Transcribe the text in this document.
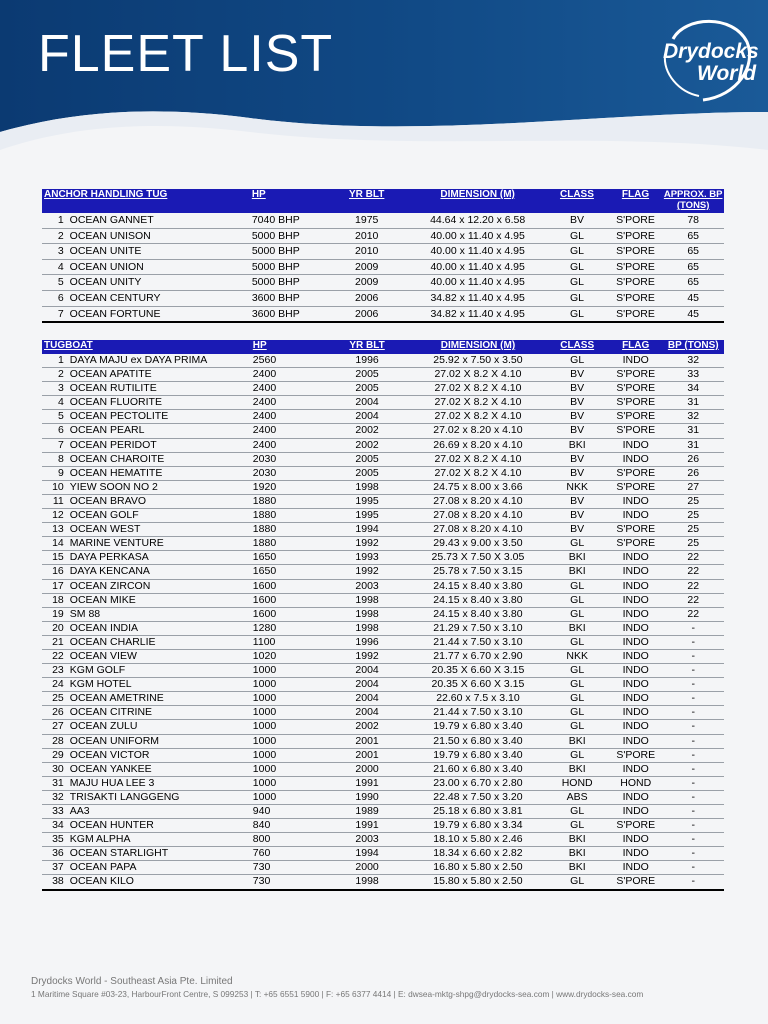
FLEET LIST	Drydocks
World
ANCHOR HANDLING TUG		HP	YR BLT	DIMENSION (M)	CLASS	FLAG	APPROX. BP (TONS)
1	OCEAN GANNET	7040 BHP	1975	44.64 x 12.20 x 6.58	BV	S'PORE	78
2	OCEAN UNISON	5000 BHP	2010	40.00 x 11.40 x 4.95	GL	S'PORE	65
3	OCEAN UNITE	5000 BHP	2010	40.00 x 11.40 x 4.95	GL	S'PORE	65
4	OCEAN UNION	5000 BHP	2009	40.00 x 11.40 x 4.95	GL	S'PORE	65
5	OCEAN UNITY	5000 BHP	2009	40.00 x 11.40 x 4.95	GL	S'PORE	65
6	OCEAN CENTURY	3600 BHP	2006	34.82 x 11.40 x 4.95	GL	S'PORE	45
7	OCEAN FORTUNE	3600 BHP	2006	34.82 x 11.40 x 4.95	GL	S'PORE	45
TUGBOAT		HP	YR BLT	DIMENSION (M)	CLASS	FLAG	BP (TONS)
1	DAYA MAJU ex DAYA PRIMA	2560	1996	25.92 x 7.50 x 3.50	GL	INDO	32
2	OCEAN APATITE	2400	2005	27.02 X 8.2 X 4.10	BV	S'PORE	33
3	OCEAN RUTILITE	2400	2005	27.02 X 8.2 X 4.10	BV	S'PORE	34
4	OCEAN FLUORITE	2400	2004	27.02 X 8.2 X 4.10	BV	S'PORE	31
5	OCEAN PECTOLITE	2400	2004	27.02 X 8.2 X 4.10	BV	S'PORE	32
6	OCEAN PEARL	2400	2002	27.02 x 8.20 x 4.10	BV	S'PORE	31
7	OCEAN PERIDOT	2400	2002	26.69 x 8.20 x 4.10	BKI	INDO	31
8	OCEAN CHAROITE	2030	2005	27.02 X 8.2 X 4.10	BV	INDO	26
9	OCEAN HEMATITE	2030	2005	27.02 X 8.2 X 4.10	BV	S'PORE	26
10	YIEW SOON NO 2	1920	1998	24.75 x 8.00 x 3.66	NKK	S'PORE	27
11	OCEAN BRAVO	1880	1995	27.08 x 8.20 x 4.10	BV	INDO	25
12	OCEAN GOLF	1880	1995	27.08 x 8.20 x 4.10	BV	INDO	25
13	OCEAN WEST	1880	1994	27.08 x 8.20 x 4.10	BV	S'PORE	25
14	MARINE VENTURE	1880	1992	29.43 x 9.00 x 3.50	GL	S'PORE	25
15	DAYA PERKASA	1650	1993	25.73 X 7.50 X 3.05	BKI	INDO	22
16	DAYA KENCANA	1650	1992	25.78 x 7.50 x 3.15	BKI	INDO	22
17	OCEAN ZIRCON	1600	2003	24.15 x 8.40 x 3.80	GL	INDO	22
18	OCEAN MIKE	1600	1998	24.15 x 8.40 x 3.80	GL	INDO	22
19	SM 88	1600	1998	24.15 x 8.40 x 3.80	GL	INDO	22
20	OCEAN INDIA	1280	1998	21.29 x 7.50 x 3.10	BKI	INDO	-
21	OCEAN CHARLIE	1100	1996	21.44 x 7.50 x 3.10	GL	INDO	-
22	OCEAN VIEW	1020	1992	21.77 x 6.70 x 2.90	NKK	INDO	-
23	KGM GOLF	1000	2004	20.35 X 6.60 X 3.15	GL	INDO	-
24	KGM HOTEL	1000	2004	20.35 X 6.60 X 3.15	GL	INDO	-
25	OCEAN AMETRINE	1000	2004	22.60 x 7.5 x 3.10	GL	INDO	-
26	OCEAN CITRINE	1000	2004	21.44 x 7.50 x 3.10	GL	INDO	-
27	OCEAN ZULU	1000	2002	19.79 x 6.80 x 3.40	GL	INDO	-
28	OCEAN UNIFORM	1000	2001	21.50 x 6.80 x 3.40	BKI	INDO	-
29	OCEAN VICTOR	1000	2001	19.79 x 6.80 x 3.40	GL	S'PORE	-
30	OCEAN YANKEE	1000	2000	21.60 x 6.80 x 3.40	BKI	INDO	-
31	MAJU HUA LEE 3	1000	1991	23.00 x 6.70 x 2.80	HOND	HOND	-
32	TRISAKTI LANGGENG	1000	1990	22.48 x 7.50 x 3.20	ABS	INDO	-
33	AA3	940	1989	25.18 x 6.80 x 3.81	GL	INDO	-
34	OCEAN HUNTER	840	1991	19.79 x 6.80 x 3.34	GL	S'PORE	-
35	KGM ALPHA	800	2003	18.10 x 5.80 x 2.46	BKI	INDO	-
36	OCEAN STARLIGHT	760	1994	18.34 x 6.60 x 2.82	BKI	INDO	-
37	OCEAN PAPA	730	2000	16.80 x 5.80 x 2.50	BKI	INDO	-
38	OCEAN KILO	730	1998	15.80 x 5.80 x 2.50	GL	S'PORE	-
Drydocks World - Southeast Asia Pte. Limited
1 Maritime Square #03-23, HarbourFront Centre, S 099253 | T: +65 6551 5900 | F: +65 6377 4414 | E: dwsea-mktg-shpg@drydocks-sea.com | www.drydocks-sea.com
